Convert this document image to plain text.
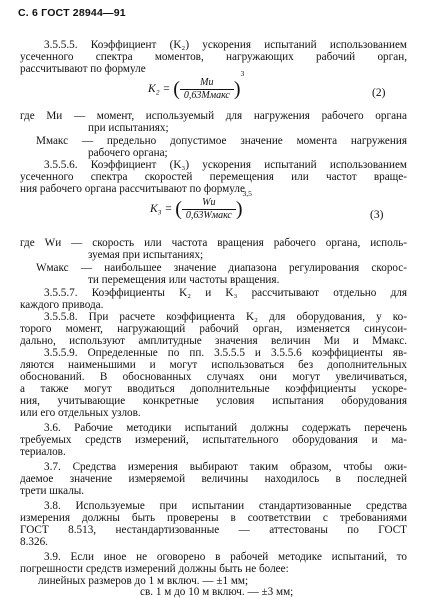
С. 6 ГОСТ 28944—91
3.5.5.5. Коэффициент (K₂) ускорения испытаний использованием
усеченного спектра моментов, нагружающих рабочий орган,
рассчитывают по формуле
K₂ = ( $\frac{Mи}{\text{0,63Mмакс}} )^3$
(2)
где Mи — момент, используемый для нагружения рабочего органа
при испытаниях;
Mмакс — предельно допустимое значение момента нагружения
рабочего органа;
3.5.5.6. Коэффициент (K₃) ускорения испытаний использованием
усеченного спектра скоростей перемещения или частот враще-
ния рабочего органа рассчитывают по формуле
K₃ = ( $\frac{Wи}{\text{0,63Wмакс}} )^{3,5}$
(3)
где Wи — скорость или частота вращения рабочего органа, исполь-
зуемая при испытаниях;
Wмакс — наибольшее значение диапазона регулирования скорос-
ти перемещения или частоты вращения.
3.5.5.7. Коэффициенты K₂ и K₃ рассчитывают отдельно для
каждого привода.
3.5.5.8. При расчете коэффициента K₂ для оборудования, у ко-
торого момент, нагружающий рабочий орган, изменяется синусои-
дально, используют амплитудные значения величин Mи и Mмакс.
3.5.5.9. Определенные по пп. 3.5.5.5 и 3.5.5.6 коэффициенты яв-
ляются наименьшими и могут использоваться без дополнительных
обоснований. В обоснованных случаях они могут увеличиваться,
а также могут вводиться дополнительные коэффициенты ускоре-
ния, учитывающие конкретные условия испытания оборудования
или его отдельных узлов.
3.6. Рабочие методики испытаний должны содержать перечень
требуемых средств измерений, испытательного оборудования и ма-
териалов.
3.7. Средства измерения выбирают таким образом, чтобы ожи-
даемое значение измеряемой величины находилось в последней
трети шкалы.
3.8. Используемые при испытании стандартизованные средства
измерения должны быть проверены в соответствии с требованиями
ГОСТ 8.513, нестандартизованные — аттестованы по ГОСТ
8.326.
3.9. Если иное не оговорено в рабочей методике испытаний, то
погрешности средств измерений должны быть не более:
линейных размеров до 1 м включ. — ±1 мм;
св. 1 м до 10 м включ. — ±3 мм;
